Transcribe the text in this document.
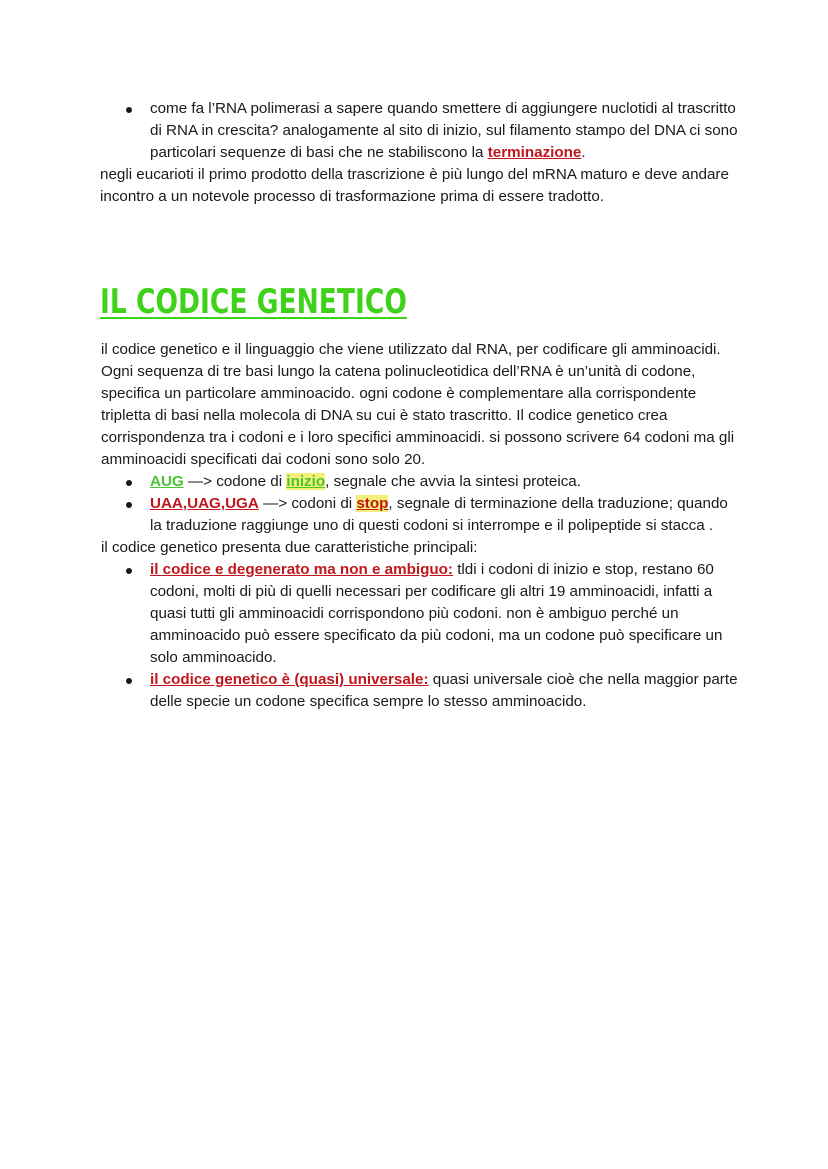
come fa l’RNA polimerasi a sapere quando smettere di aggiungere nuclotidi al trascritto di RNA in crescita? analogamente al sito di inizio, sul filamento stampo del DNA ci sono particolari sequenze di basi che ne stabiliscono la terminazione.

negli eucarioti il primo prodotto della trascrizione è più lungo del mRNA maturo e deve andare incontro a un notevole processo di trasformazione prima di essere tradotto.

IL CODICE GENETICO

il codice genetico e il linguaggio che viene utilizzato dal RNA, per codificare gli amminoacidi. Ogni sequenza di tre basi lungo la catena polinucleotidica dell’RNA è un’unità di codone, specifica un particolare amminoacido. ogni codone è complementare alla corrispondente tripletta di basi nella molecola di DNA su cui è stato trascritto. Il codice genetico crea corrispondenza tra i codoni e i loro specifici amminoacidi. si possono scrivere 64 codoni ma gli amminoacidi specificati dai codoni sono solo 20.

AUG —> codone di inizio, segnale che avvia la sintesi proteica.
UAA,UAG,UGA —> codoni di stop, segnale di terminazione della traduzione; quando la traduzione raggiunge uno di questi codoni si interrompe e il polipeptide si stacca .

il codice genetico presenta due caratteristiche principali:

il codice e degenerato ma non e ambiguo: tldi i codoni di inizio e stop, restano 60 codoni, molti di più di quelli necessari per codificare gli altri 19 amminoacidi, infatti a quasi tutti gli amminoacidi corrispondono più codoni. non è ambiguo perché un amminoacido può essere specificato da più codoni, ma un codone può specificare un solo amminoacido.
il codice genetico è (quasi) universale: quasi universale cioè che nella maggior parte delle specie un codone specifica sempre lo stesso amminoacido.
